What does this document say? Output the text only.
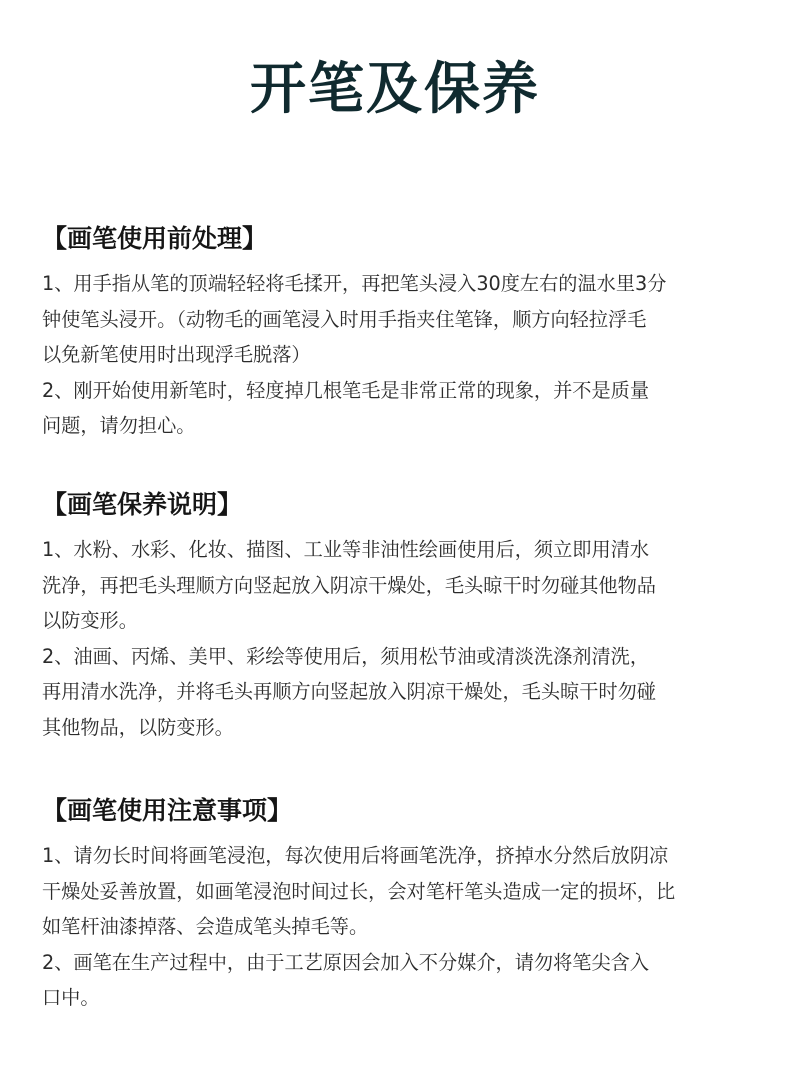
开笔及保养
【画笔使用前处理】

1、用手指从笔的顶端轻轻将毛揉开，再把笔头浸入30度左右的温水里3分
钟使笔头浸开。（动物毛的画笔浸入时用手指夹住笔锋，顺方向轻拉浮毛
以免新笔使用时出现浮毛脱落）

2、刚开始使用新笔时，轻度掉几根笔毛是非常正常的现象，并不是质量
问题，请勿担心。

【画笔保养说明】

1、水粉、水彩、化妆、描图、工业等非油性绘画使用后，须立即用清水
洗净，再把毛头理顺方向竖起放入阴凉干燥处，毛头晾干时勿碰其他物品
以防变形。

2、油画、丙烯、美甲、彩绘等使用后，须用松节油或清淡洗涤剂清洗，
再用清水洗净，并将毛头再顺方向竖起放入阴凉干燥处，毛头晾干时勿碰
其他物品，以防变形。

【画笔使用注意事项】

1、请勿长时间将画笔浸泡，每次使用后将画笔洗净，挤掉水分然后放阴凉
干燥处妥善放置，如画笔浸泡时间过长，会对笔杆笔头造成一定的损坏，比
如笔杆油漆掉落、会造成笔头掉毛等。

2、画笔在生产过程中，由于工艺原因会加入不分媒介，请勿将笔尖含入
口中。
